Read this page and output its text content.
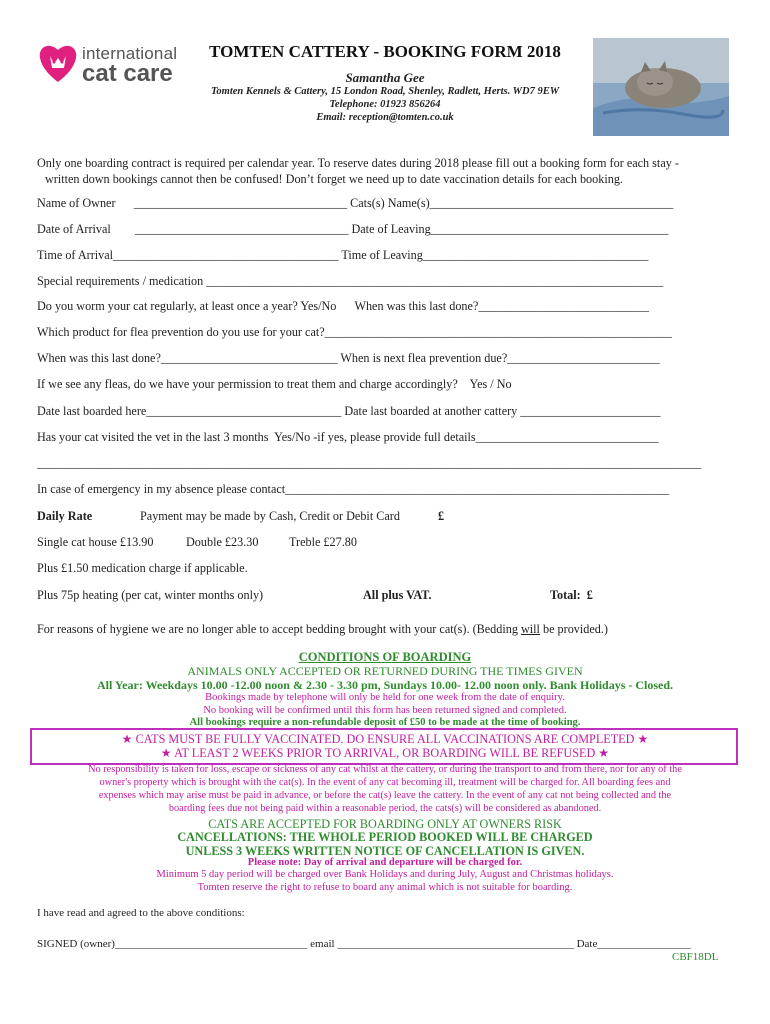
international
cat care
TOMTEN CATTERY - BOOKING FORM 2018
Samantha Gee
Tomten Kennels & Cattery, 15 London Road, Shenley, Radlett, Herts. WD7 9EW
Telephone: 01923 856264
Email: reception@tomten.co.uk
Only one boarding contract is required per calendar year. To reserve dates during 2018 please fill out a booking form for each stay -
written down bookings cannot then be confused! Don’t forget we need up to date vaccination details for each booking.
Name of Owner      ___________________________________ Cats(s) Name(s)________________________________________
Date of Arrival        ___________________________________ Date of Leaving_______________________________________
Time of Arrival_____________________________________ Time of Leaving_____________________________________
Special requirements / medication ___________________________________________________________________________
Do you worm your cat regularly, at least once a year? Yes/No      When was this last done?____________________________
Which product for flea prevention do you use for your cat?_________________________________________________________
When was this last done?_____________________________ When is next flea prevention due?_________________________
If we see any fleas, do we have your permission to treat them and charge accordingly?    Yes / No
Date last boarded here________________________________ Date last boarded at another cattery _______________________
Has your cat visited the vet in the last 3 months  Yes/No -if yes, please provide full details______________________________
_____________________________________________________________________________________________________________
In case of emergency in my absence please contact_______________________________________________________________
Daily Rate	Payment may be made by Cash, Credit or Debit Card	£
Single cat house £13.90	Double £23.30	Treble £27.80
Plus £1.50 medication charge if applicable.
Plus 75p heating (per cat, winter months only)	All plus VAT.	Total:  £
For reasons of hygiene we are no longer able to accept bedding brought with your cat(s). (Bedding will be provided.)
CONDITIONS OF BOARDING
ANIMALS ONLY ACCEPTED OR RETURNED DURING THE TIMES GIVEN
All Year: Weekdays 10.00 -12.00 noon & 2.30 - 3.30 pm, Sundays 10.00- 12.00 noon only. Bank Holidays - Closed.
Bookings made by telephone will only be held for one week from the date of enquiry.
No booking will be confirmed until this form has been returned signed and completed.
All bookings require a non-refundable deposit of £50 to be made at the time of booking.
★ CATS MUST BE FULLY VACCINATED. DO ENSURE ALL VACCINATIONS ARE COMPLETED ★
★ AT LEAST 2 WEEKS PRIOR TO ARRIVAL, OR BOARDING WILL BE REFUSED ★
No responsibility is taken for loss, escape or sickness of any cat whilst at the cattery, or during the transport to and from there, nor for any of the
owner's property which is brought with the cat(s). In the event of any cat becoming ill, treatment will be charged for. All boarding fees and
expenses which may arise must be paid in advance, or before the cat(s) leave the cattery. In the event of any cat not being collected and the
boarding fees due not being paid within a reasonable period, the cats(s) will be considered as abandoned.
CATS ARE ACCEPTED FOR BOARDING ONLY AT OWNERS RISK
CANCELLATIONS: THE WHOLE PERIOD BOOKED WILL BE CHARGED
UNLESS 3 WEEKS WRITTEN NOTICE OF CANCELLATION IS GIVEN.
Please note: Day of arrival and departure will be charged for.
Minimum 5 day period will be charged over Bank Holidays and during July, August and Christmas holidays.
Tomten reserve the right to refuse to board any animal which is not suitable for boarding.
I have read and agreed to the above conditions:
SIGNED (owner)___________________________________ email ___________________________________________ Date_________________
CBF18DL
